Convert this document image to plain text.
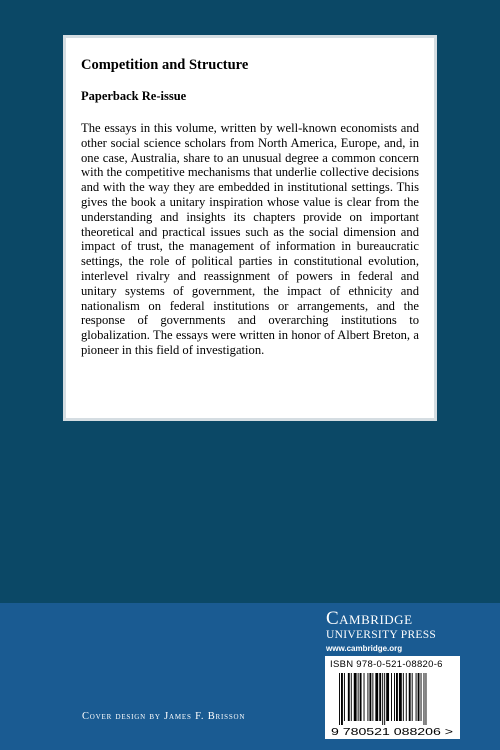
Competition and Structure
Paperback Re-issue

The essays in this volume, written by well-known economists and other social science scholars from North America, Europe, and, in one case, Australia, share to an unusual degree a common concern with the competitive mechanisms that underlie collective decisions and with the way they are embedded in institutional settings. This gives the book a unitary inspiration whose value is clear from the understanding and insights its chapters provide on important theoretical and practical issues such as the social dimension and impact of trust, the management of information in bureaucratic settings, the role of political parties in constitutional evolution, interlevel rivalry and reassignment of powers in federal and unitary systems of government, the impact of ethnicity and nationalism on federal institutions or arrangements, and the response of governments and overarching institutions to globalization. The essays were written in honor of Albert Breton, a pioneer in this field of investigation.

Cambridge
UNIVERSITY PRESS
www.cambridge.org
ISBN 978-0-521-08820-6
9 780521 088206 >
Cover design by James F. Brisson
